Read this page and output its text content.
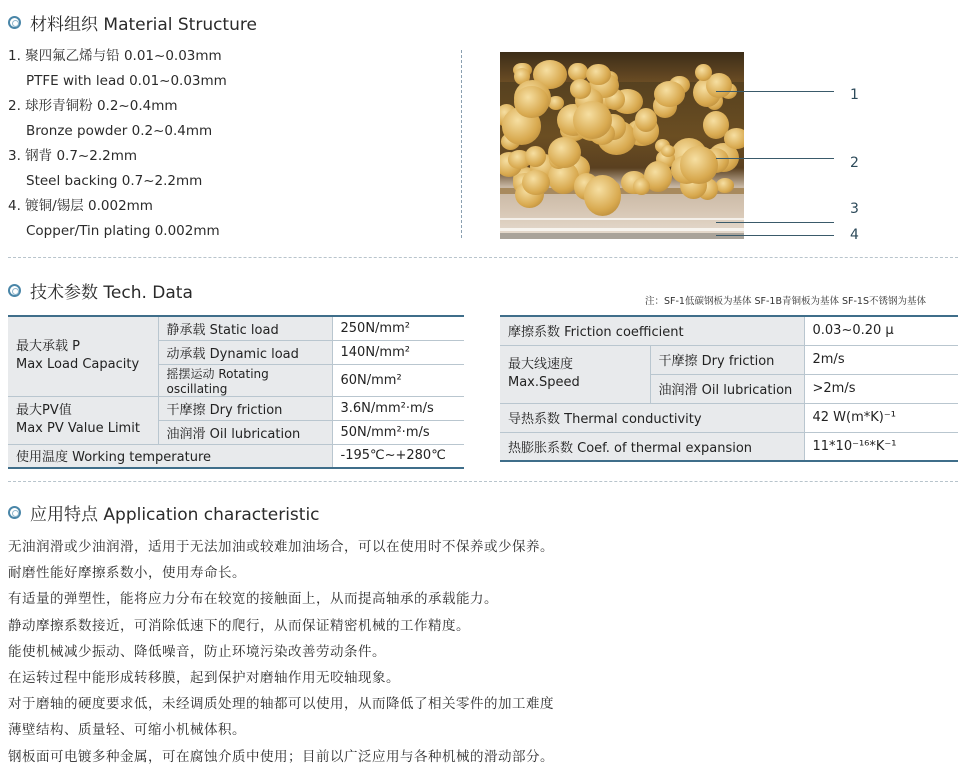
材料组织 Material Structure
1. 聚四氟乙烯与铅 0.01~0.03mm
PTFE with lead 0.01~0.03mm
2. 球形青铜粉 0.2~0.4mm
Bronze powder 0.2~0.4mm
3. 钢背 0.7~2.2mm
Steel backing 0.7~2.2mm
4. 镀铜/锡层 0.002mm
Copper/Tin plating 0.002mm
1
2
3
4
技术参数 Tech. Data	注：SF-1低碳钢板为基体 SF-1B青铜板为基体 SF-1S不锈钢为基体
最大承载 P
Max Load Capacity	静承载 Static load	250N/mm²
	动承载 Dynamic load	140N/mm²
	摇摆运动 Rotating oscillating	60N/mm²

最大PV值
Max PV Value Limit	干摩擦 Dry friction	3.6N/mm²·m/s
	油润滑 Oil lubrication	50N/mm²·m/s
使用温度 Working temperature		-195℃~+280℃
摩擦系数 Friction coefficient		0.03~0.20 μ

最大线速度
Max.Speed	干摩擦 Dry friction	2m/s
	油润滑 Oil lubrication	>2m/s
导热系数 Thermal conductivity		42 W(m*K)⁻¹
热膨胀系数 Coef. of thermal expansion		11*10⁻¹⁶*K⁻¹
应用特点 Application characteristic
无油润滑或少油润滑，适用于无法加油或较难加油场合，可以在使用时不保养或少保养。
耐磨性能好摩擦系数小，使用寿命长。
有适量的弹塑性，能将应力分布在较宽的接触面上，从而提高轴承的承载能力。
静动摩擦系数接近，可消除低速下的爬行，从而保证精密机械的工作精度。
能使机械减少振动、降低噪音，防止环境污染改善劳动条件。
在运转过程中能形成转移膜，起到保护对磨轴作用无咬轴现象。
对于磨轴的硬度要求低，未经调质处理的轴都可以使用，从而降低了相关零件的加工难度
薄壁结构、质量轻、可缩小机械体积。
钢板面可电镀多种金属，可在腐蚀介质中使用；目前以广泛应用与各种机械的滑动部分。
